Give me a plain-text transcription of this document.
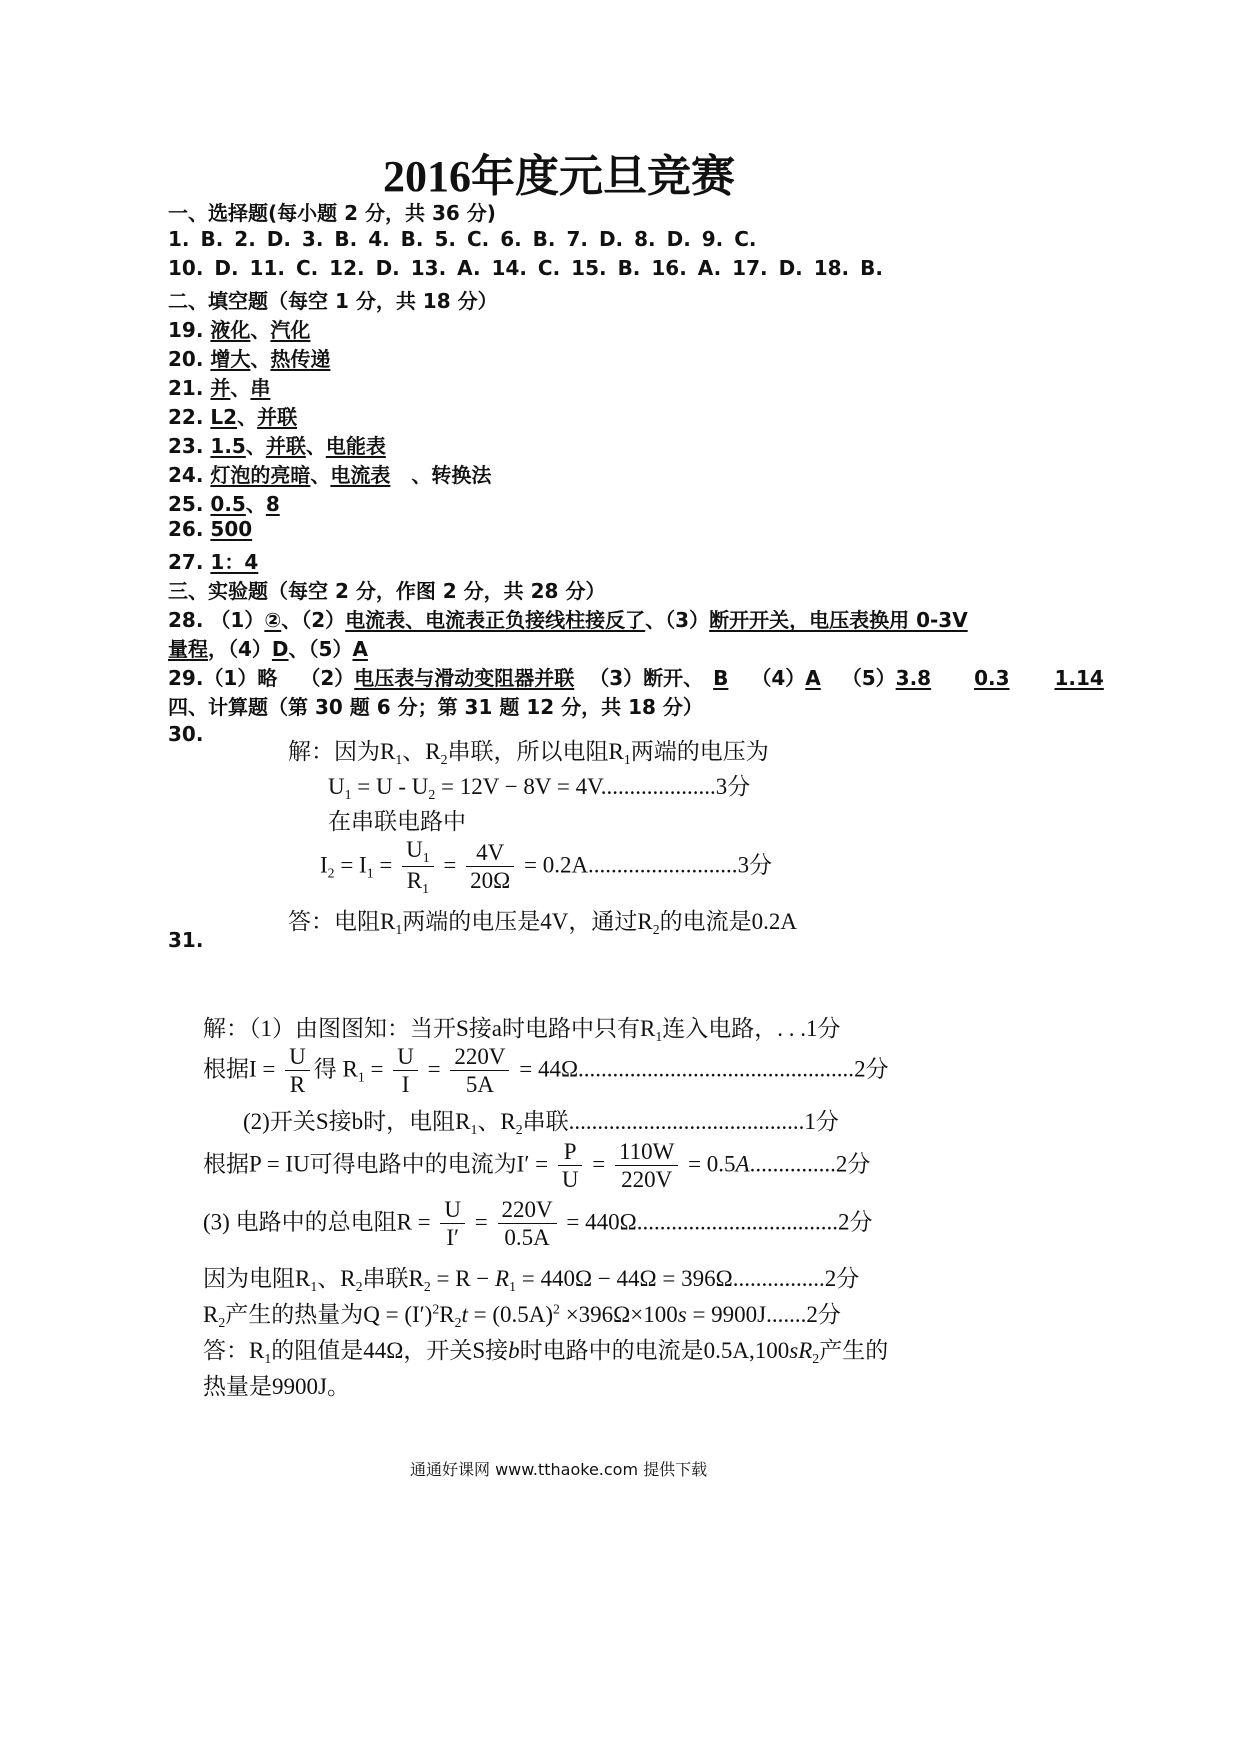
2016年度元旦竞赛
一、选择题(每小题 2 分，共 36 分)
1. B. 2. D. 3. B. 4. B. 5. C. 6. B. 7. D. 8. D. 9. C.
10. D. 11. C. 12. D. 13. A. 14. C. 15. B. 16. A. 17. D. 18. B.
二、填空题（每空 1 分，共 18 分）
19. 液化、汽化
20. 增大、热传递
21. 并、串
22. L2、并联
23. 1.5、并联、电能表
24. 灯泡的亮暗、电流表 、转换法
25. 0.5、8
26. 500
27. 1：4
三、实验题（每空 2 分，作图 2 分，共 28 分）
28. （1）②、（2）电流表、电流表正负接线柱接反了、（3）断开开关，电压表换用 0-3V
量程，（4）D、（5）A
29.（1）略 （2）电压表与滑动变阻器并联 （3）断开、 B （4）A （5）3.8 0.3 1.14
四、计算题（第 30 题 6 分；第 31 题 12 分，共 18 分）
30.
解：因为$R_1$、$R_2$串联，所以电阻$R_1$两端的电压为
$U_1 = U - U_2 = 12V - 8V = 4V....................3$分
在串联电路中
$I_2 = I_1 = \frac{U_1}{R_1} = \frac{4V}{20\Omega} = 0.2A..........................3$分
答：电阻$R_1$两端的电压是4V，通过$R_2$的电流是0.2A
31.
解：（1）由图图知：当开S接a时电路中只有$R_1$连入电路，. . .1分
根据$I = \frac{U}{R}$ 得 $R_1 = \frac{U}{I} = \frac{220V}{5A} = 44\Omega................................................2$分
(2)开关S接b时，电阻$R_1$、$R_2$串联.........................................1分
根据P = IU可得电路中的电流为$I' = \frac{P}{U} = \frac{110W}{220V} = 0.5A...............2$分
(3) 电路中的总电阻$R = \frac{U}{I'} = \frac{220V}{0.5A} = 440\Omega...................................2$分
因为电阻$R_1$、$R_2$串联$R_2 = R - R_1 = 440\Omega - 44\Omega = 396\Omega................2$分
$R_2$产生的热量为$Q = (I')^2R_2t = (0.5A)^2 \times 396\Omega\times 100s = 9900J.......2$分
答：$R_1$的阻值是44Ω，开关S接b时电路中的电流是$0.5A,100sR_2$产生的
热量是9900J。
通通好课网 www.tthaoke.com 提供下载
